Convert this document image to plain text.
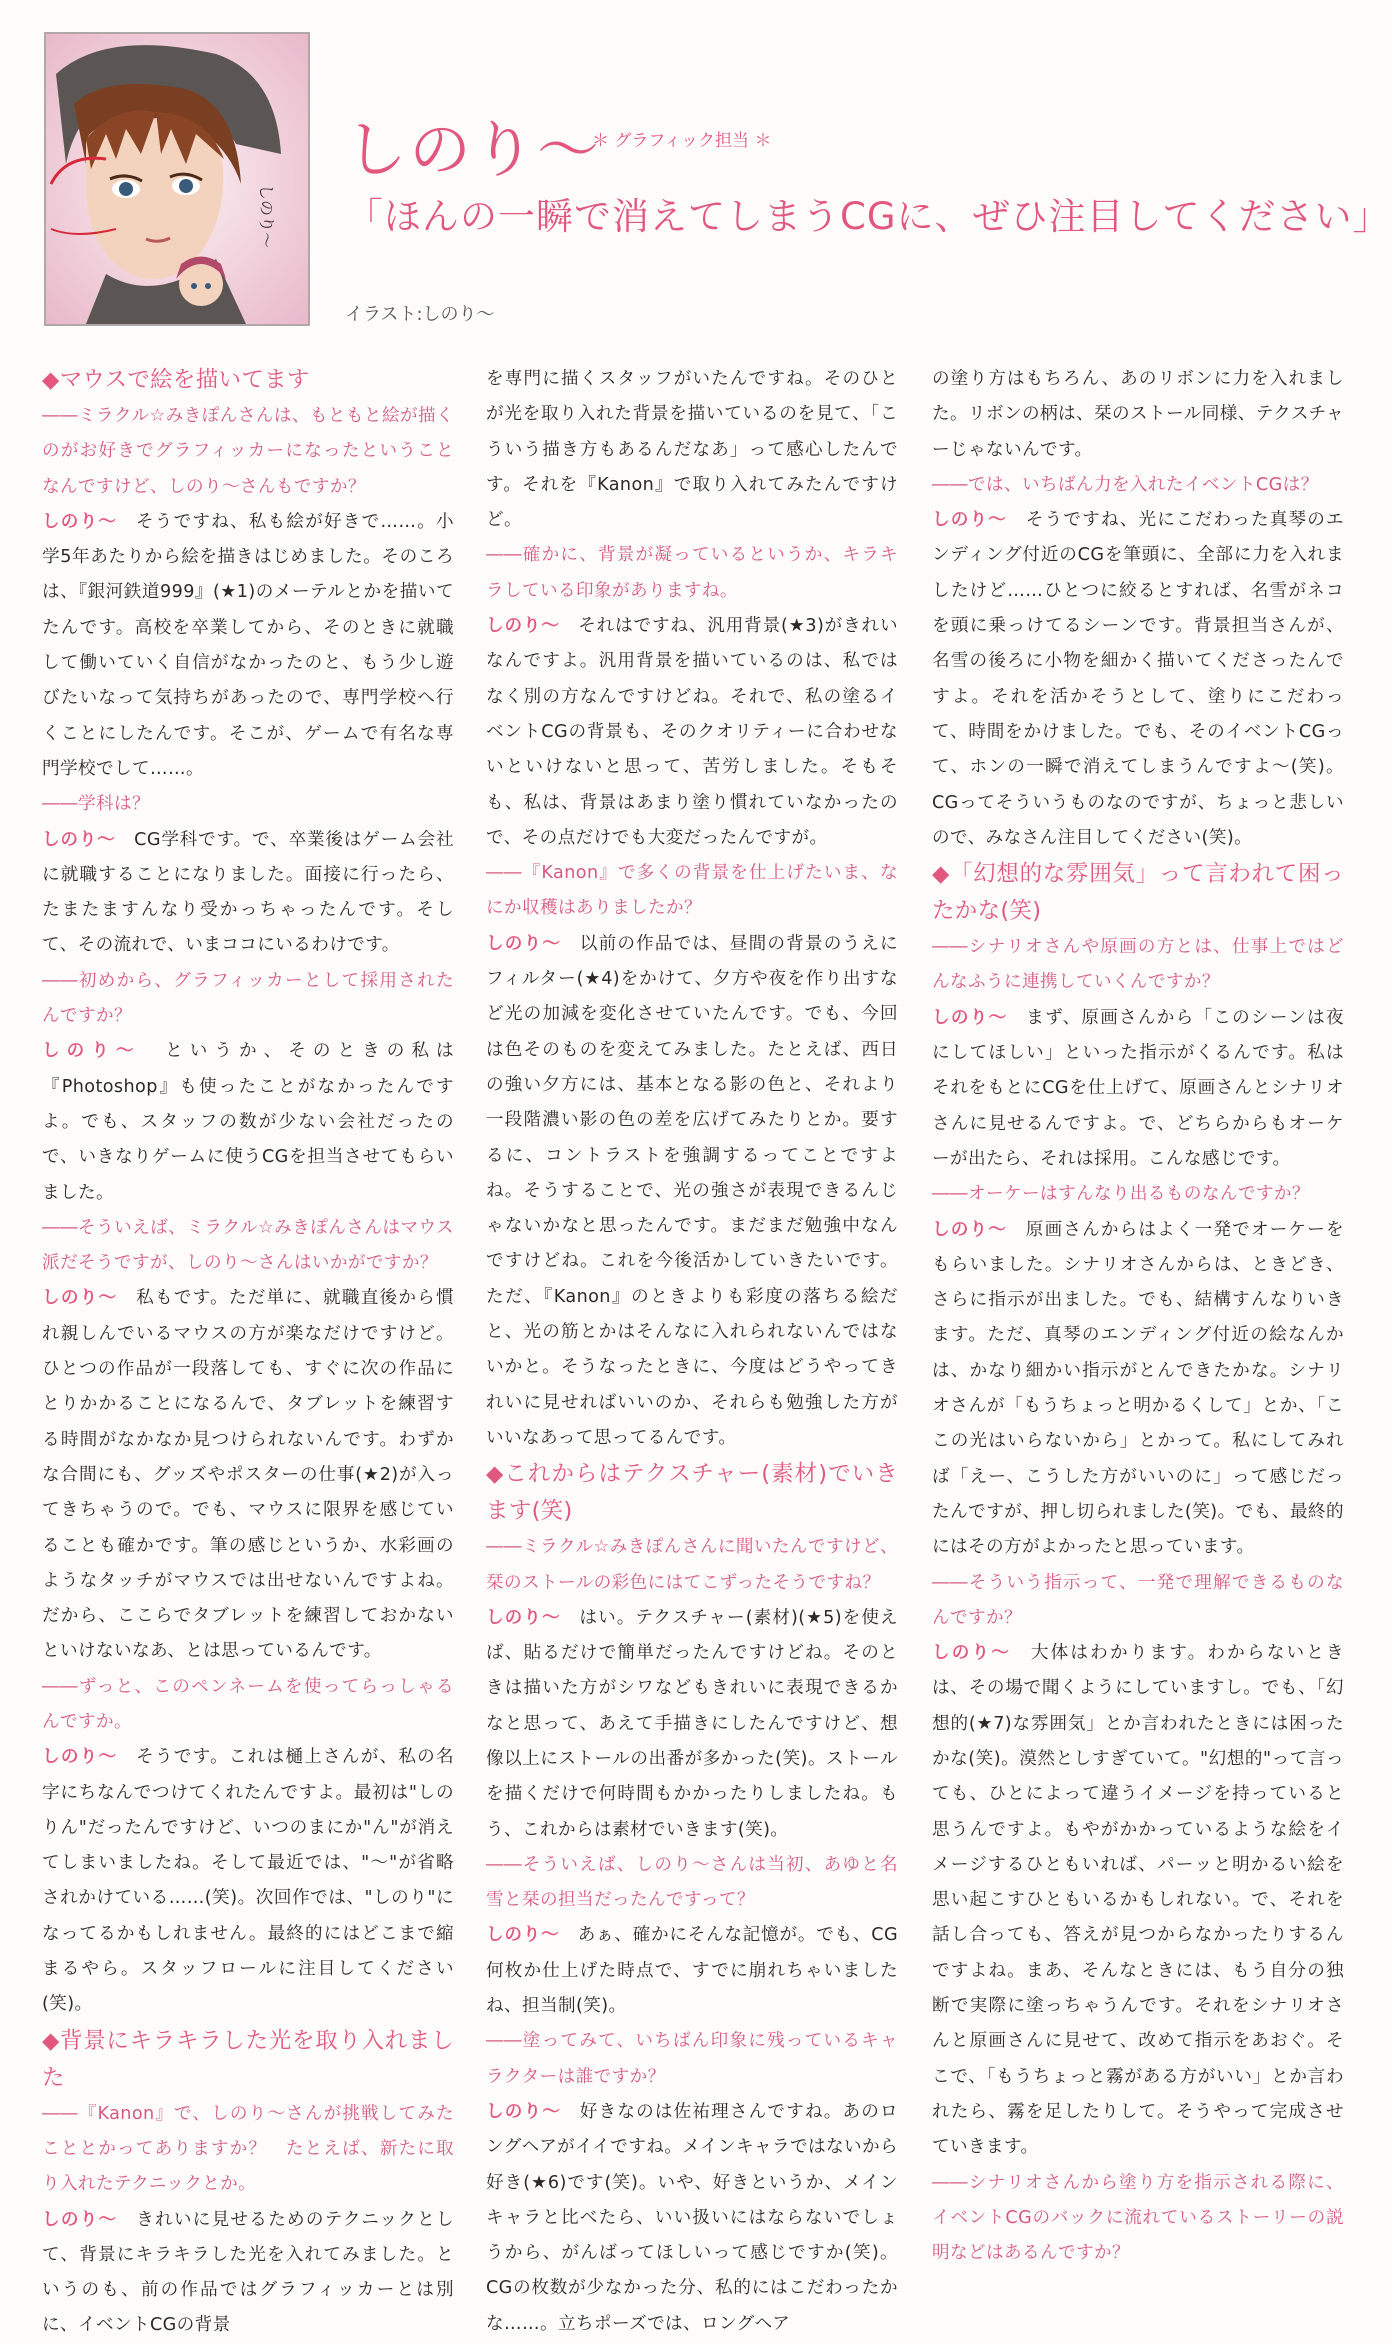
しのり〜
しのり〜
＊ グラフィック担当 ＊
「ほんの一瞬で消えてしまうCGに、ぜひ注目してください」
イラスト:しのり〜

◆マウスで絵を描いてます

――ミラクル☆みきぽんさんは、もともと絵が描くのがお好きでグラフィッカーになったということなんですけど、しのり〜さんもですか？

しのり〜　そうですね、私も絵が好きで……。小学5年あたりから絵を描きはじめました。そのころは、『銀河鉄道999』(★1)のメーテルとかを描いてたんです。高校を卒業してから、そのときに就職して働いていく自信がなかったのと、もう少し遊びたいなって気持ちがあったので、専門学校へ行くことにしたんです。そこが、ゲームで有名な専門学校でして……。

――学科は？

しのり〜　CG学科です。で、卒業後はゲーム会社に就職することになりました。面接に行ったら、たまたますんなり受かっちゃったんです。そして、その流れで、いまココにいるわけです。

――初めから、グラフィッカーとして採用されたんですか？

しのり〜　というか、そのときの私は『Photoshop』も使ったことがなかったんですよ。でも、スタッフの数が少ない会社だったので、いきなりゲームに使うCGを担当させてもらいました。

――そういえば、ミラクル☆みきぽんさんはマウス派だそうですが、しのり〜さんはいかがですか？

しのり〜　私もです。ただ単に、就職直後から慣れ親しんでいるマウスの方が楽なだけですけど。ひとつの作品が一段落しても、すぐに次の作品にとりかかることになるんで、タブレットを練習する時間がなかなか見つけられないんです。わずかな合間にも、グッズやポスターの仕事(★2)が入ってきちゃうので。でも、マウスに限界を感じていることも確かです。筆の感じというか、水彩画のようなタッチがマウスでは出せないんですよね。だから、ここらでタブレットを練習しておかないといけないなあ、とは思っているんです。

――ずっと、このペンネームを使ってらっしゃるんですか。

しのり〜　そうです。これは樋上さんが、私の名字にちなんでつけてくれたんですよ。最初は"しのりん"だったんですけど、いつのまにか"ん"が消えてしまいましたね。そして最近では、"〜"が省略されかけている……(笑)。次回作では、"しのり"になってるかもしれません。最終的にはどこまで縮まるやら。スタッフロールに注目してください(笑)。

◆背景にキラキラした光を取り入れました

――『Kanon』で、しのり〜さんが挑戦してみたこととかってありますか？　たとえば、新たに取り入れたテクニックとか。

しのり〜　きれいに見せるためのテクニックとして、背景にキラキラした光を入れてみました。というのも、前の作品ではグラフィッカーとは別に、イベントCGの背景

を専門に描くスタッフがいたんですね。そのひとが光を取り入れた背景を描いているのを見て、「こういう描き方もあるんだなあ」って感心したんです。それを『Kanon』で取り入れてみたんですけど。

――確かに、背景が凝っているというか、キラキラしている印象がありますね。

しのり〜　それはですね、汎用背景(★3)がきれいなんですよ。汎用背景を描いているのは、私ではなく別の方なんですけどね。それで、私の塗るイベントCGの背景も、そのクオリティーに合わせないといけないと思って、苦労しました。そもそも、私は、背景はあまり塗り慣れていなかったので、その点だけでも大変だったんですが。

――『Kanon』で多くの背景を仕上げたいま、なにか収穫はありましたか？

しのり〜　以前の作品では、昼間の背景のうえにフィルター(★4)をかけて、夕方や夜を作り出すなど光の加減を変化させていたんです。でも、今回は色そのものを変えてみました。たとえば、西日の強い夕方には、基本となる影の色と、それより一段階濃い影の色の差を広げてみたりとか。要するに、コントラストを強調するってことですよね。そうすることで、光の強さが表現できるんじゃないかなと思ったんです。まだまだ勉強中なんですけどね。これを今後活かしていきたいです。ただ、『Kanon』のときよりも彩度の落ちる絵だと、光の筋とかはそんなに入れられないんではないかと。そうなったときに、今度はどうやってきれいに見せればいいのか、それらも勉強した方がいいなあって思ってるんです。

◆これからはテクスチャー(素材)でいきます(笑)

――ミラクル☆みきぽんさんに聞いたんですけど、栞のストールの彩色にはてこずったそうですね？

しのり〜　はい。テクスチャー(素材)(★5)を使えば、貼るだけで簡単だったんですけどね。そのときは描いた方がシワなどもきれいに表現できるかなと思って、あえて手描きにしたんですけど、想像以上にストールの出番が多かった(笑)。ストールを描くだけで何時間もかかったりしましたね。もう、これからは素材でいきます(笑)。

――そういえば、しのり〜さんは当初、あゆと名雪と栞の担当だったんですって？

しのり〜　あぁ、確かにそんな記憶が。でも、CG何枚か仕上げた時点で、すでに崩れちゃいましたね、担当制(笑)。

――塗ってみて、いちばん印象に残っているキャラクターは誰ですか？

しのり〜　好きなのは佐祐理さんですね。あのロングヘアがイイですね。メインキャラではないから好き(★6)です(笑)。いや、好きというか、メインキャラと比べたら、いい扱いにはならないでしょうから、がんばってほしいって感じですか(笑)。CGの枚数が少なかった分、私的にはこだわったかな……。立ちポーズでは、ロングヘア

の塗り方はもちろん、あのリボンに力を入れました。リボンの柄は、栞のストール同様、テクスチャーじゃないんです。

――では、いちばん力を入れたイベントCGは？

しのり〜　そうですね、光にこだわった真琴のエンディング付近のCGを筆頭に、全部に力を入れましたけど……ひとつに絞るとすれば、名雪がネコを頭に乗っけてるシーンです。背景担当さんが、名雪の後ろに小物を細かく描いてくださったんですよ。それを活かそうとして、塗りにこだわって、時間をかけました。でも、そのイベントCGって、ホンの一瞬で消えてしまうんですよ〜(笑)。CGってそういうものなのですが、ちょっと悲しいので、みなさん注目してください(笑)。

◆「幻想的な雰囲気」って言われて困ったかな(笑)

――シナリオさんや原画の方とは、仕事上ではどんなふうに連携していくんですか？

しのり〜　まず、原画さんから「このシーンは夜にしてほしい」といった指示がくるんです。私はそれをもとにCGを仕上げて、原画さんとシナリオさんに見せるんですよ。で、どちらからもオーケーが出たら、それは採用。こんな感じです。

――オーケーはすんなり出るものなんですか？

しのり〜　原画さんからはよく一発でオーケーをもらいました。シナリオさんからは、ときどき、さらに指示が出ました。でも、結構すんなりいきます。ただ、真琴のエンディング付近の絵なんかは、かなり細かい指示がとんできたかな。シナリオさんが「もうちょっと明かるくして」とか、「ここの光はいらないから」とかって。私にしてみれば「えー、こうした方がいいのに」って感じだったんですが、押し切られました(笑)。でも、最終的にはその方がよかったと思っています。

――そういう指示って、一発で理解できるものなんですか？

しのり〜　大体はわかります。わからないときは、その場で聞くようにしていますし。でも、「幻想的(★7)な雰囲気」とか言われたときには困ったかな(笑)。漠然としすぎていて。"幻想的"って言っても、ひとによって違うイメージを持っていると思うんですよ。もやがかかっているような絵をイメージするひともいれば、パーッと明かるい絵を思い起こすひともいるかもしれない。で、それを話し合っても、答えが見つからなかったりするんですよね。まあ、そんなときには、もう自分の独断で実際に塗っちゃうんです。それをシナリオさんと原画さんに見せて、改めて指示をあおぐ。そこで、「もうちょっと霧がある方がいい」とか言われたら、霧を足したりして。そうやって完成させていきます。

――シナリオさんから塗り方を指示される際に、イベントCGのバックに流れているストーリーの説明などはあるんですか？
